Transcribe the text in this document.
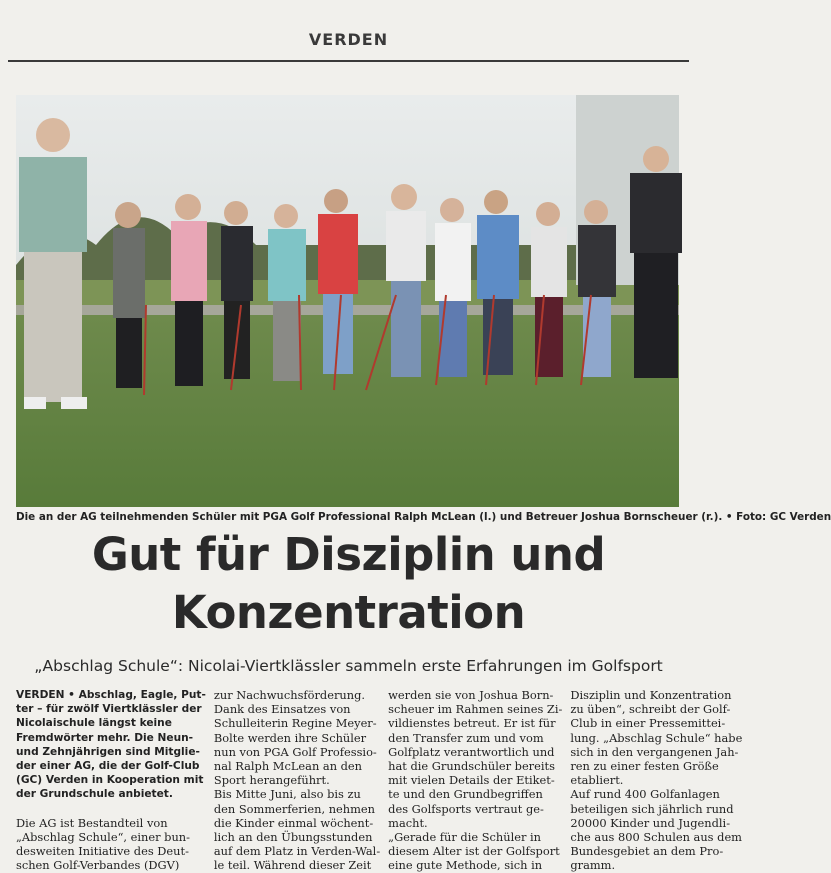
VERDEN
Die an der AG teilnehmenden Schüler mit PGA Golf Professional Ralph McLean (l.) und Betreuer Joshua Bornscheuer (r.). • Foto: GC Verden
Gut für Disziplin und
Konzentration
„Abschlag Schule“: Nicolai-Viertklässler sammeln erste Erfahrungen im Golfsport
VERDEN • Abschlag, Eagle, Put-
ter – für zwölf Viertklässler der
Nicolaischule längst keine
Fremdwörter mehr. Die Neun-
und Zehnjährigen sind Mitglie-
der einer AG, die der Golf-Club
(GC) Verden in Kooperation mit
der Grundschule anbietet.

Die AG ist Bestandteil von
„Abschlag Schule“, einer bun-
desweiten Initiative des Deut-
schen Golf-Verbandes (DGV)
zur Nachwuchsförderung.
Dank des Einsatzes von
Schulleiterin Regine Meyer-
Bolte werden ihre Schüler
nun von PGA Golf Professio-
nal Ralph McLean an den
Sport herangeführt.
Bis Mitte Juni, also bis zu
den Sommerferien, nehmen
die Kinder einmal wöchent-
lich an den Übungsstunden
auf dem Platz in Verden-Wal-
le teil. Während dieser Zeit
werden sie von Joshua Born-
scheuer im Rahmen seines Zi-
vildienstes betreut. Er ist für
den Transfer zum und vom
Golfplatz verantwortlich und
hat die Grundschüler bereits
mit vielen Details der Etiket-
te und den Grundbegriffen
des Golfsports vertraut ge-
macht.
„Gerade für die Schüler in
diesem Alter ist der Golfsport
eine gute Methode, sich in
Disziplin und Konzentration
zu üben“, schreibt der Golf-
Club in einer Pressemittei-
lung. „Abschlag Schule“ habe
sich in den vergangenen Jah-
ren zu einer festen Größe
etabliert.
Auf rund 400 Golfanlagen
beteiligen sich jährlich rund
20000 Kinder und Jugendli-
che aus 800 Schulen aus dem
Bundesgebiet an dem Pro-
gramm.
